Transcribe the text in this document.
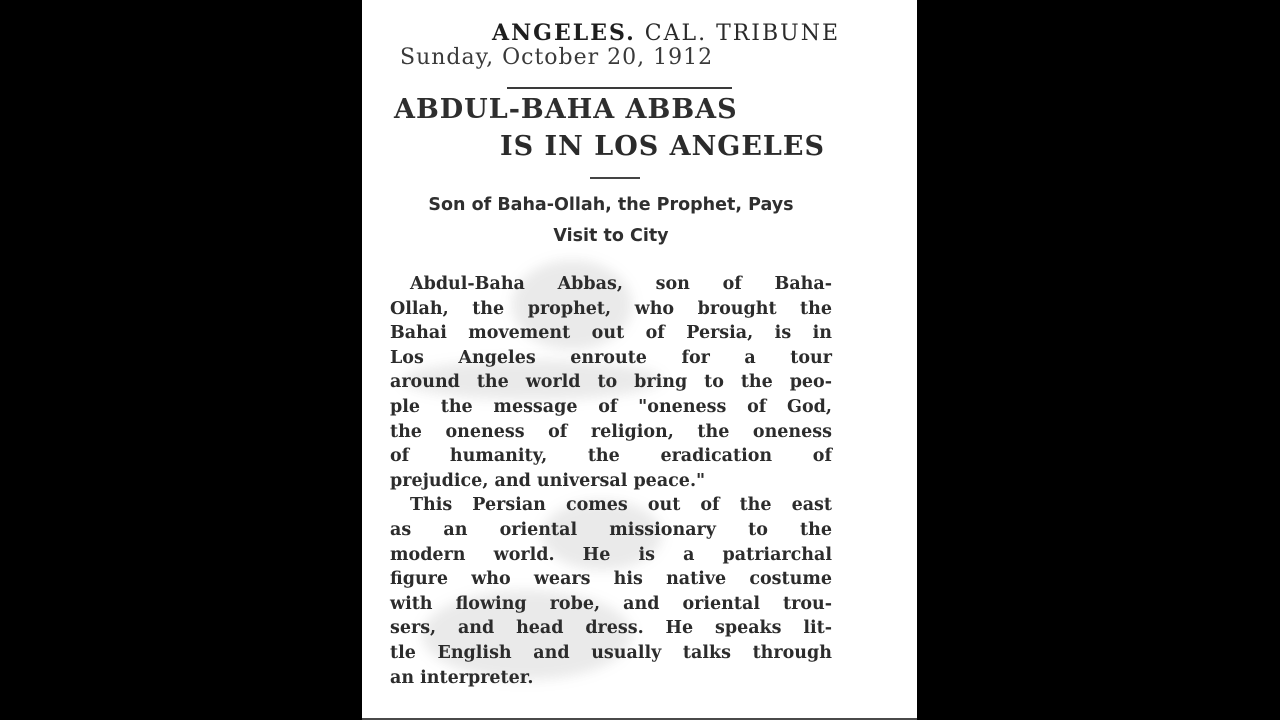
ANGELES. CAL. TRIBUNE
Sunday, October 20, 1912
ABDUL-BAHA ABBAS
IS IN LOS ANGELES
Son of Baha-Ollah, the Prophet, Pays
Visit to City
Abdul-Baha Abbas, son of Baha-
Ollah, the prophet, who brought the
Bahai movement out of Persia, is in
Los Angeles enroute for a tour
around the world to bring to the peo-
ple the message of "oneness of God,
the oneness of religion, the oneness
of humanity, the eradication of
prejudice, and universal peace."
This Persian comes out of the east
as an oriental missionary to the
modern world. He is a patriarchal
figure who wears his native costume
with flowing robe, and oriental trou-
sers, and head dress. He speaks lit-
tle English and usually talks through
an interpreter.
